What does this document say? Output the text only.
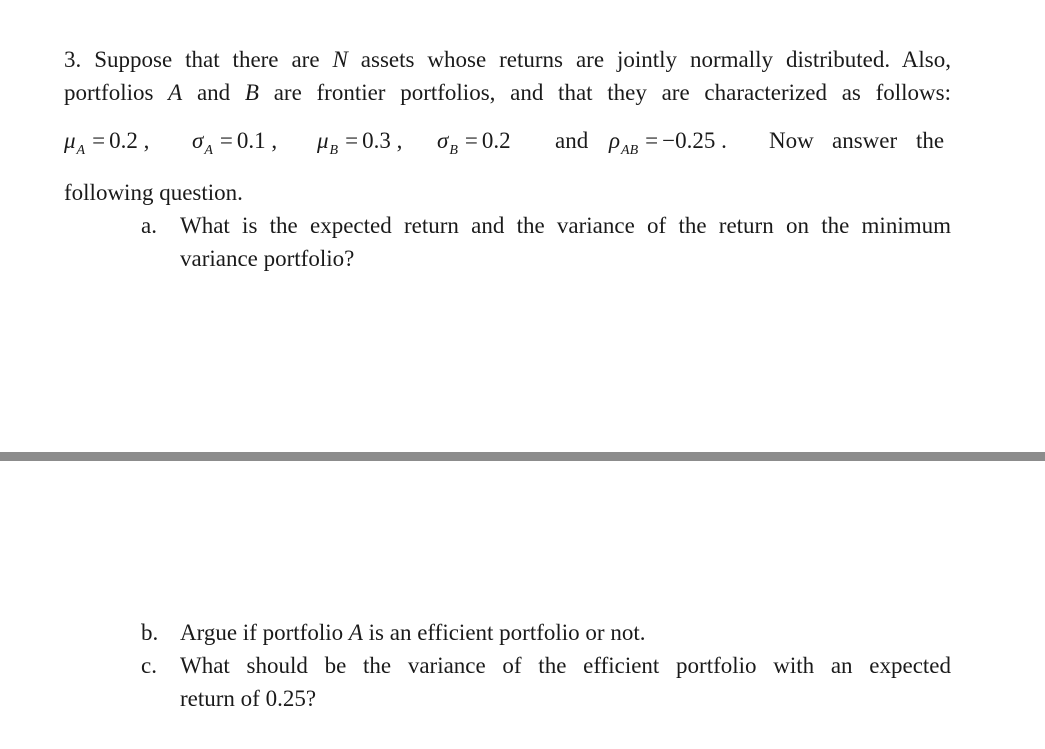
3. Suppose that there are N assets whose returns are jointly normally distributed. Also,
portfolios A and B are frontier portfolios, and that they are characterized as follows:
$\mu_A = 0.2$ , $\sigma_A = 0.1$ , $\mu_B = 0.3$ , $\sigma_B = 0.2$ and $\rho_{AB} = -0.25$ . Now answer the
following question.
a. What is the expected return and the variance of the return on the minimum
variance portfolio?
b. Argue if portfolio A is an efficient portfolio or not.
c. What should be the variance of the efficient portfolio with an expected
return of 0.25?
